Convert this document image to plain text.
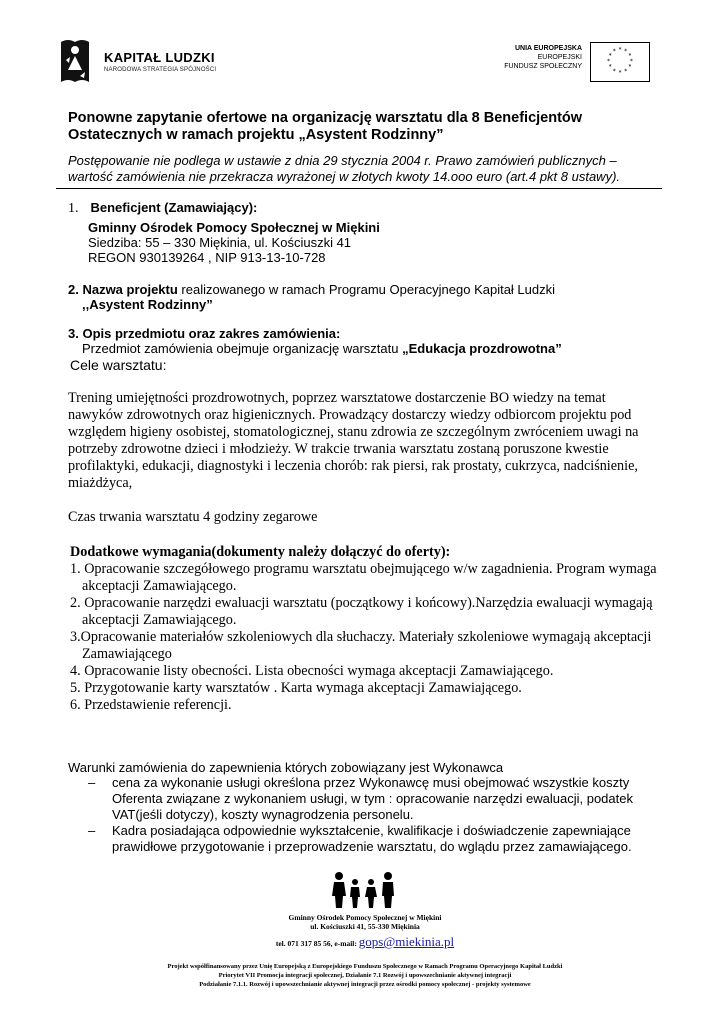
KAPITAŁ LUDZKI
NARODOWA STRATEGIA SPÓJNOŚCI
UNIA EUROPEJSKA
EUROPEJSKI
FUNDUSZ SPOŁECZNY
* *
*
*
*
*
*
*
*
*
*
*
Ponowne zapytanie ofertowe na organizację warsztatu dla 8 Beneficjentów Ostatecznych w ramach projektu „Asystent Rodzinny”
Postępowanie nie podlega w ustawie z dnia 29 stycznia 2004 r. Prawo zamówień publicznych – wartość zamówienia nie przekracza wyrażonej w złotych kwoty 14.ooo euro (art.4 pkt 8 ustawy).
1. Beneficjent (Zamawiający):
Gminny Ośrodek Pomocy Społecznej w Miękini
Siedziba: 55 – 330 Miękinia, ul. Kościuszki 41
REGON 930139264 , NIP 913-13-10-728
2. Nazwa projektu realizowanego w ramach Programu Operacyjnego Kapitał Ludzki
,,Asystent Rodzinny”
3. Opis przedmiotu oraz zakres zamówienia:
Przedmiot zamówienia obejmuje organizację warsztatu „Edukacja prozdrowotna”
Cele warsztatu:
Trening umiejętności prozdrowotnych, poprzez warsztatowe dostarczenie BO wiedzy na temat nawyków zdrowotnych oraz higienicznych. Prowadzący dostarczy wiedzy odbiorcom projektu pod względem higieny osobistej, stomatologicznej, stanu zdrowia ze szczególnym zwróceniem uwagi na potrzeby zdrowotne dzieci i młodzieży. W trakcie trwania warsztatu zostaną poruszone kwestie profilaktyki, edukacji, diagnostyki i leczenia chorób: rak piersi, rak prostaty, cukrzyca, nadciśnienie, miażdżyca,
Czas trwania warsztatu 4 godziny zegarowe
Dodatkowe wymagania(dokumenty należy dołączyć do oferty):

1. Opracowanie szczegółowego programu warsztatu obejmującego w/w zagadnienia. Program wymaga akceptacji Zamawiającego.

2. Opracowanie narzędzi ewaluacji warsztatu (początkowy i końcowy).Narzędzia ewaluacji wymagają akceptacji Zamawiającego.

3.Opracowanie materiałów szkoleniowych dla słuchaczy. Materiały szkoleniowe wymagają akceptacji Zamawiającego

4. Opracowanie listy obecności. Lista obecności wymaga akceptacji Zamawiającego.

5. Przygotowanie karty warsztatów . Karta wymaga akceptacji Zamawiającego.

6. Przedstawienie referencji.

Warunki zamówienia do zapewnienia których zobowiązany jest Wykonawca
–	cena za wykonanie usługi określona przez Wykonawcę musi obejmować wszystkie koszty Oferenta związane z wykonaniem usługi, w tym : opracowanie narzędzi ewaluacji, podatek VAT(jeśli dotyczy), koszty wynagrodzenia personelu.
–	Kadra posiadająca odpowiednie wykształcenie, kwalifikacje i doświadczenie zapewniające prawidłowe przygotowanie i przeprowadzenie warsztatu, do wglądu przez zamawiającego.
Gminny Ośrodek Pomocy Społecznej w Miękini
ul. Kościuszki 41, 55-330 Miękinia
tel. 071 317 85 56, e-mail: gops@miekinia.pl
Projekt współfinansowany przez Unię Europejską z Europejskiego Funduszu Społecznego w Ramach Programu Operacyjnego Kapitał Ludzki
Priorytet VII Promocja integracji społecznej, Działanie 7.1 Rozwój i upowszechnianie aktywnej integracji
Podziałanie 7.1.1. Rozwój i upowszechnianie aktywnej integracji przez ośrodki pomocy społecznej - projekty systemowe
